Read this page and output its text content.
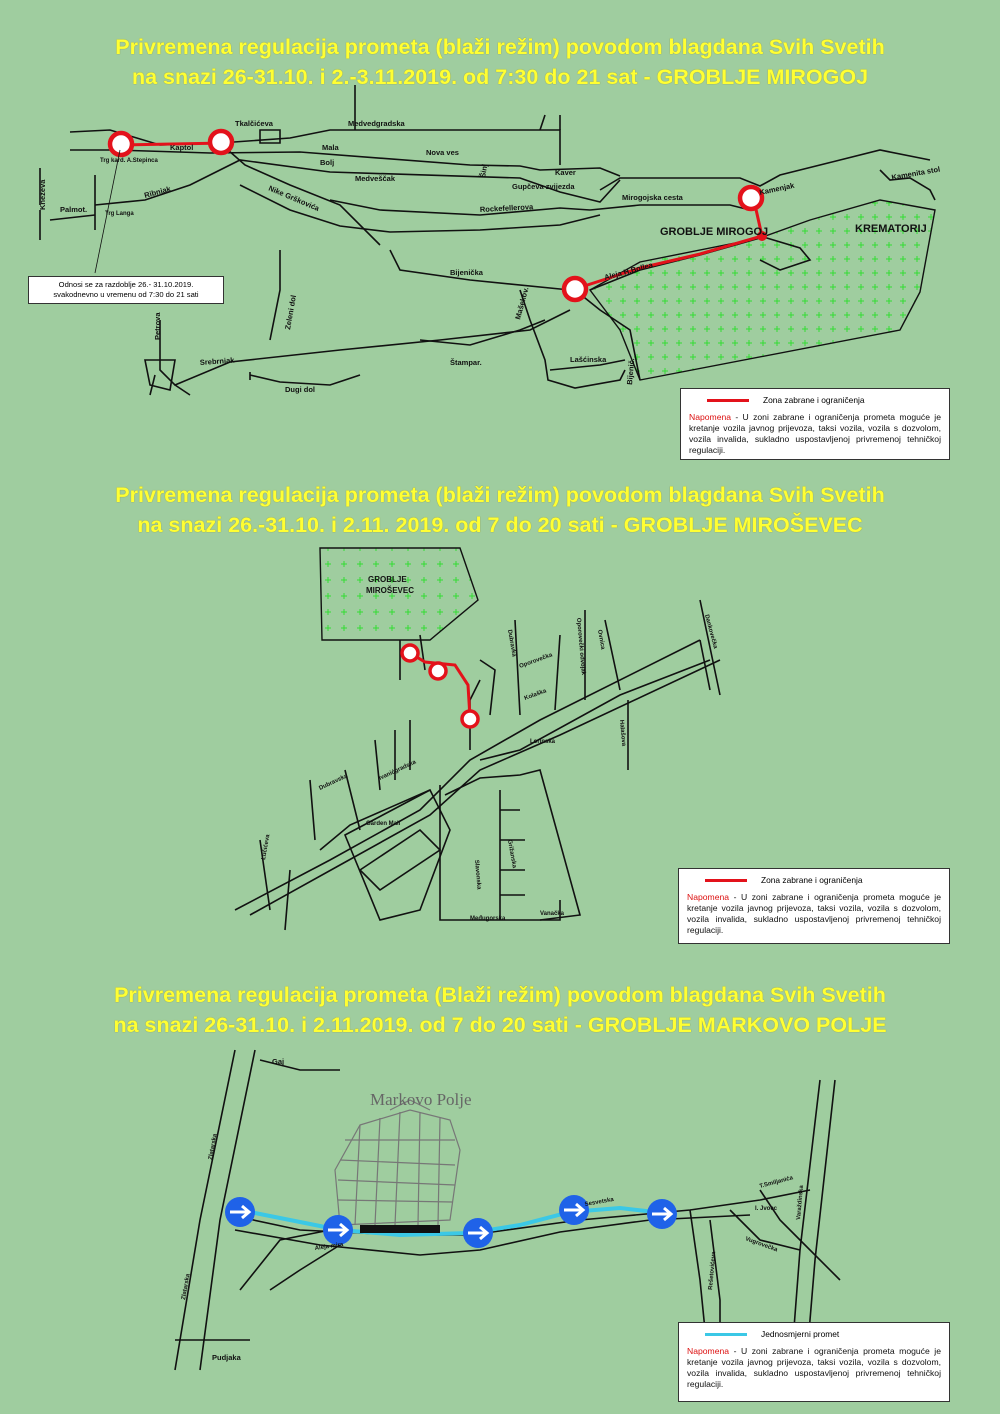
Privremena regulacija prometa (blaži režim) povodom blagdana Svih Svetih
na snazi 26-31.10. i 2.-3.11.2019. od 7:30 do 21 sat - GROBLJE MIROGOJ
Kaptol
Tkalčićeva	Medvedgradska
Mala
Nova ves
Bolj
Medveščak
Šinj	Kaver
Gupčeva zvijezda
Ribnjak	Nike Grškovića	Rockefellerova
Mirogojska cesta
Bijenička	Aleja H.Bollea
Kamenjak
Kamenita stol
Palmot.
Trg kard. A.Stepinca
Trg Langa
Petrova	Zeleni dol
Srebrnjak
Dugi dol
Štampar.
Mašekov.
Lašćinska Bijenič.
Kneževa
GROBLJE MIROGOJ	KREMATORIJ
Odnosi se za razdoblje 26.- 31.10.2019.
svakodnevno u vremenu od 7:30 do 21 sati
Zona zabrane i ograničenja
Napomena - U zoni zabrane i ograničenja prometa moguće je kretanje vozila javnog prijevoza, taksi vozila, vozila s dozvolom, vozila invalida, sukladno uspostavljenoj privremenoj tehničkoj regulaciji.
Privremena regulacija prometa (blaži režim) povodom blagdana Svih Svetih
na snazi 26.-31.10. i 2.11. 2019. od 7 do 20 sati - GROBLJE MIROŠEVEC
GROBLJE
MIROŠEVEC
Dubravka	Ovnica
Oporovečki odvojak
Oporovečka
Dankovečka
Kolaška
Grižanska
Slavonska
Lorinska
Ivanićgradska
Dubravska
Lučićeva
Vanačka
Međugorska
Halašova
Garden Mall
Zona zabrane i ograničenja
Napomena - U zoni zabrane i ograničenja prometa moguće je kretanje vozila javnog prijevoza, taksi vozila, vozila s dozvolom, vozila invalida, sukladno uspostavljenoj privremenoj tehničkoj regulaciji.
Privremena regulacija prometa (Blaži režim) povodom blagdana Svih Svetih
na snazi 26-31.10. i 2.11.2019. od 7 do 20 sati - GROBLJE MARKOVO POLJE
Markovo Polje
Gaj
Zlatarska
Zlatarska
Aleja mira
Pudjaka
Sesvetska
Rešetovićeva
T.Smiljanića
Vugrovečka
Varaždinska
I. Jvoec
Jednosmjerni promet
Napomena - U zoni zabrane i ograničenja prometa moguće je kretanje vozila javnog prijevoza, taksi vozila, vozila s dozvolom, vozila invalida, sukladno uspostavljenoj privremenoj tehničkoj regulaciji.
